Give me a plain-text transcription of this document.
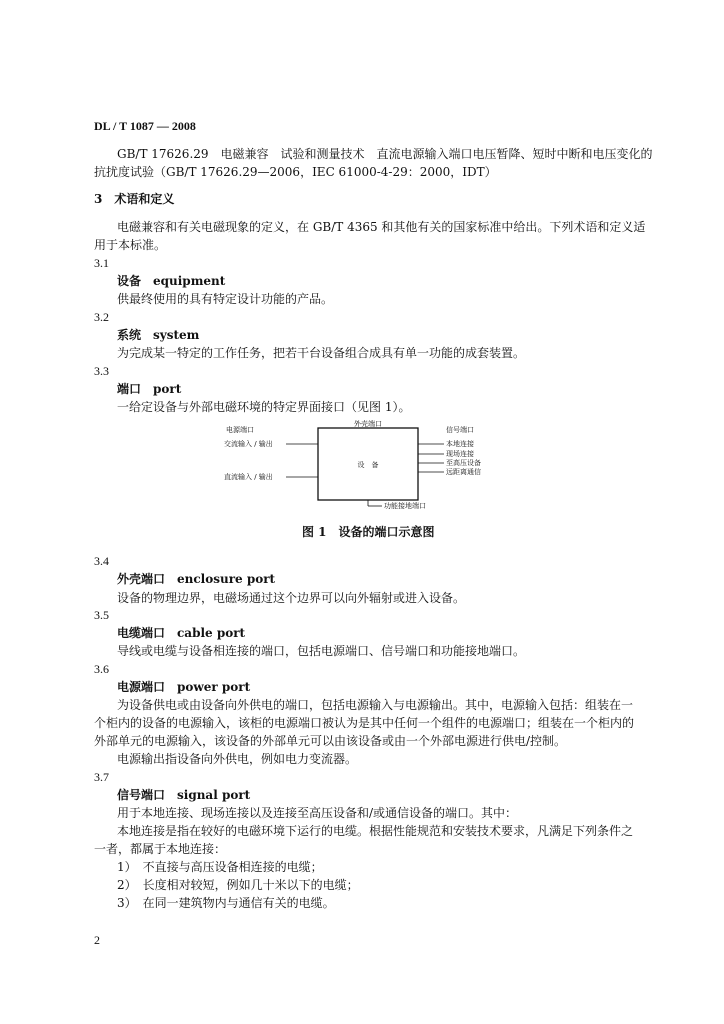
DL / T 1087 — 2008
GB/T 17626.29　电磁兼容　试验和测量技术　直流电源输入端口电压暂降、短时中断和电压变化的
抗扰度试验（GB/T 17626.29—2006，IEC 61000-4-29：2000，IDT）
3　术语和定义
电磁兼容和有关电磁现象的定义，在 GB/T 4365 和其他有关的国家标准中给出。下列术语和定义适
用于本标准。
3.1
设备　equipment
供最终使用的具有特定设计功能的产品。
3.2
系统　system
为完成某一特定的工作任务，把若干台设备组合成具有单一功能的成套装置。
3.3
端口　port
一给定设备与外部电磁环境的特定界面接口（见图 1）。
设　备
外壳端口
功能接地端口
电源端口
交流输入 / 输出
直流输入 / 输出
信号端口
本地连接
现场连接
至高压设备
远距离通信
图 1　设备的端口示意图
3.4
外壳端口　enclosure port
设备的物理边界，电磁场通过这个边界可以向外辐射或进入设备。
3.5
电缆端口　cable port
导线或电缆与设备相连接的端口，包括电源端口、信号端口和功能接地端口。
3.6
电源端口　power port
为设备供电或由设备向外供电的端口，包括电源输入与电源输出。其中，电源输入包括：组装在一
个柜内的设备的电源输入，该柜的电源端口被认为是其中任何一个组件的电源端口；组装在一个柜内的
外部单元的电源输入，该设备的外部单元可以由该设备或由一个外部电源进行供电/控制。
电源输出指设备向外供电，例如电力变流器。
3.7
信号端口　signal port
用于本地连接、现场连接以及连接至高压设备和/或通信设备的端口。其中：
本地连接是指在较好的电磁环境下运行的电缆。根据性能规范和安装技术要求，凡满足下列条件之
一者，都属于本地连接：
1）　不直接与高压设备相连接的电缆；
2）　长度相对较短，例如几十米以下的电缆；
3）　在同一建筑物内与通信有关的电缆。
2
